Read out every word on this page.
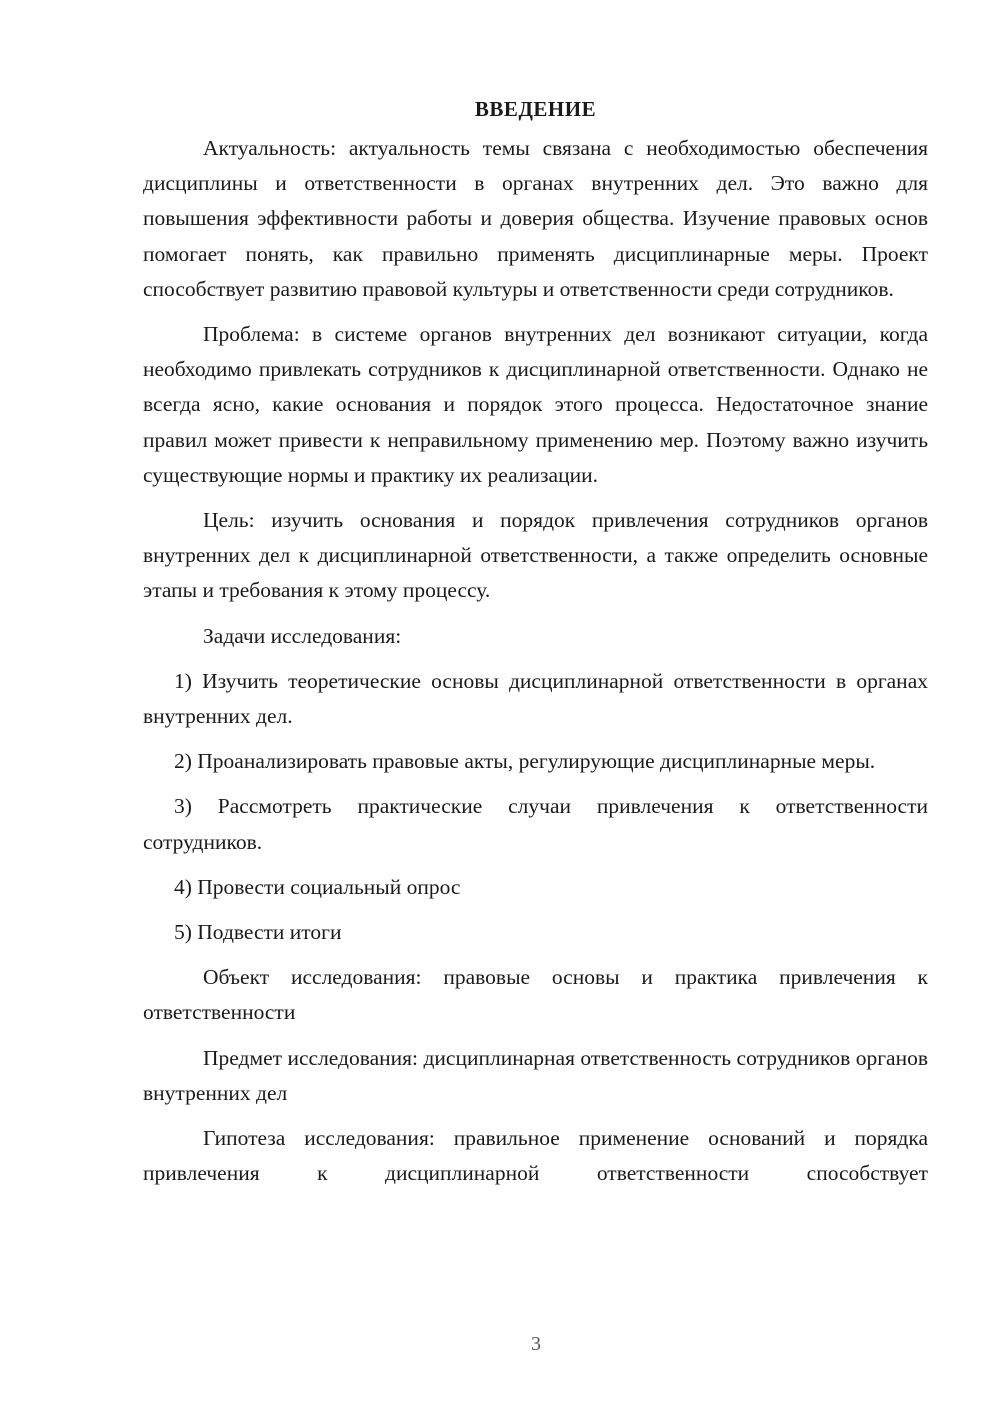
ВВЕДЕНИЕ

Актуальность: актуальность темы связана с необходимостью обеспечения дисциплины и ответственности в органах внутренних дел. Это важно для повышения эффективности работы и доверия общества. Изучение правовых основ помогает понять, как правильно применять дисциплинарные меры. Проект способствует развитию правовой культуры и ответственности среди сотрудников.

Проблема: в системе органов внутренних дел возникают ситуации, когда необходимо привлекать сотрудников к дисциплинарной ответственности. Однако не всегда ясно, какие основания и порядок этого процесса. Недостаточное знание правил может привести к неправильному применению мер. Поэтому важно изучить существующие нормы и практику их реализации.

Цель: изучить основания и порядок привлечения сотрудников органов внутренних дел к дисциплинарной ответственности, а также определить основные этапы и требования к этому процессу.

Задачи исследования:

1) Изучить теоретические основы дисциплинарной ответственности в органах внутренних дел.

2) Проанализировать правовые акты, регулирующие дисциплинарные меры.

3) Рассмотреть практические случаи привлечения к ответственности сотрудников.

4) Провести социальный опрос

5) Подвести итоги

Объект исследования: правовые основы и практика привлечения к ответственности

Предмет исследования: дисциплинарная ответственность сотрудников органов внутренних дел

Гипотеза исследования: правильное применение оснований и порядка привлечения к дисциплинарной ответственности способствует

3
